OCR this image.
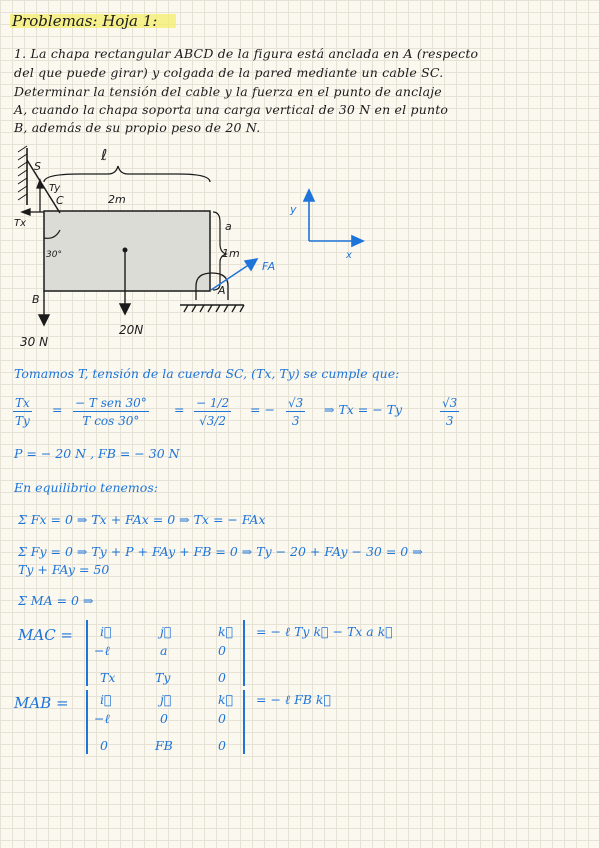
Problemas: Hoja 1:
1. La chapa rectangular ABCD de la figura está anclada en A (respecto
del que puede girar) y colgada de la pared mediante un cable SC.
Determinar la tensión del cable y la fuerza en el punto de anclaje
A, cuando la chapa soporta una carga vertical de 30 N en el punto
B, además de su propio peso de 20 N.
S
ℓ
Ty
Tx
C	2m
30°
a
1m
20N
B
30 N
A
FA
y
x
Tomamos T, tensión de la cuerda SC, (Tx, Ty) se cumple que:
$\frac{Tx}{Ty}$ = − T sen 30°
T cos 30°
= $\frac{- 1/2}{√3/2}$ = − $\frac{√3}{3}$ ⇒ Tx = − Ty	$\frac{√3}{3}$
P = − 20 N , FB = − 30 N
En equilibrio tenemos:
Σ Fx = 0 ⇒ Tx + FAx = 0 ⇒ Tx = − FAx
Σ Fy = 0 ⇒ Ty + P + FAy + FB = 0 ⇒ Ty − 20 + FAy − 30 = 0 ⇒
Ty + FAy = 50
Σ MA = 0 ⇒
MAC = i⃗	j⃗	k⃗
−ℓ	a	0
Tx	Ty	0
= − ℓ Ty k⃗ − Tx a k⃗
MAB =	i⃗	j⃗	k⃗
−ℓ	0	0
0	FB	0
= − ℓ FB k⃗
